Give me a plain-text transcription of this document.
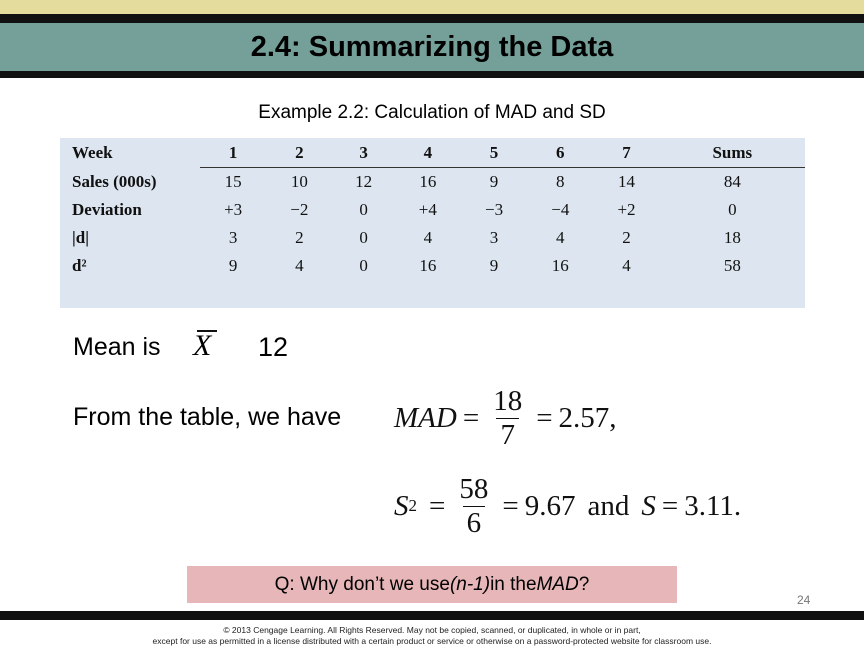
2.4: Summarizing the Data
Example 2.2: Calculation of MAD and SD
Week	1	2	3	4	5	6	7	Sums
Sales (000s)	15	10	12	16	9	8	14	84
Deviation	+3	−2	0	+4	−3	−4	+2	0
|d|	3	2	0	4	3	4	2	18
d²	9	4	0	16	9	16	4	58
Mean is X 12
From the table, we have MAD = $\frac{18}{7} = 2.57$,
S $2 = \frac{58}{6} = 9.67$ and S = 3.11.
Q: Why don’t we use (n-1) in the MAD ?
24
© 2013 Cengage Learning. All Rights Reserved. May not be copied, scanned, or duplicated, in whole or in part,
except for use as permitted in a license distributed with a certain product or service or otherwise on a password-protected website for classroom use.
